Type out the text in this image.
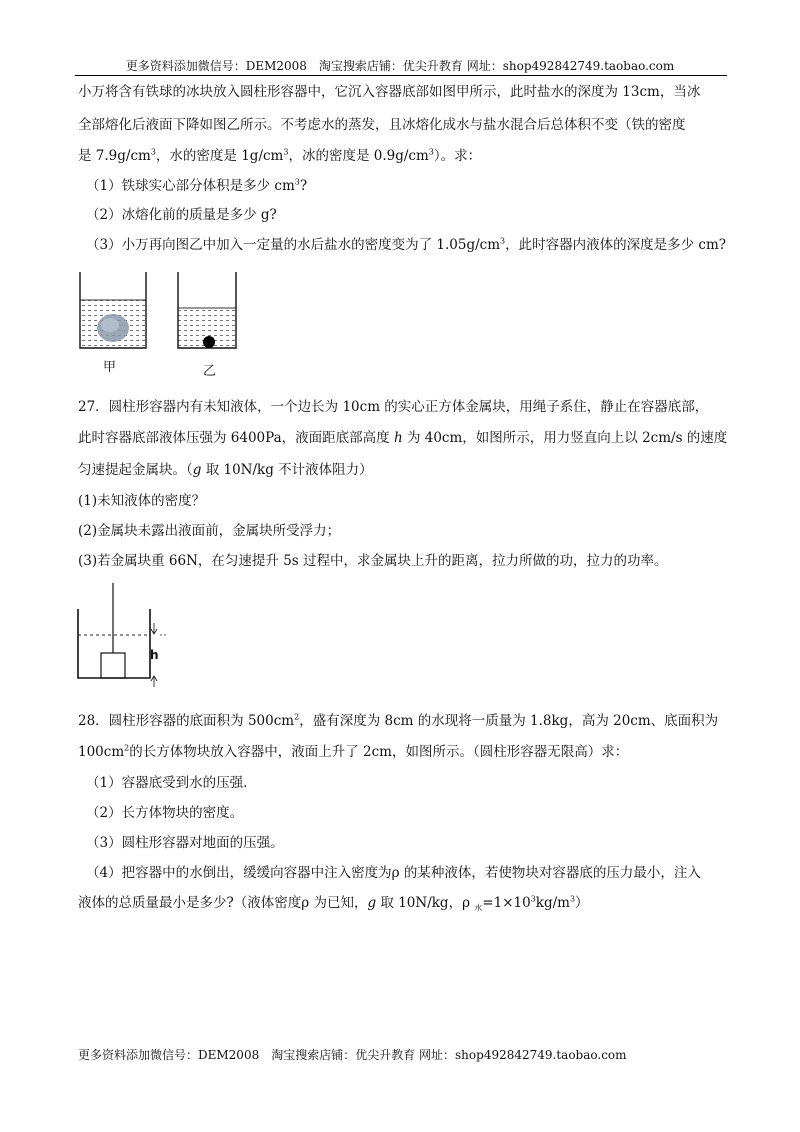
更多资料添加微信号：DEM2008　淘宝搜索店铺：优尖升教育 网址：shop492842749.taobao.com
小万将含有铁球的冰块放入圆柱形容器中，它沉入容器底部如图甲所示，此时盐水的深度为 13cm，当冰
全部熔化后液面下降如图乙所示。不考虑水的蒸发，且冰熔化成水与盐水混合后总体积不变（铁的密度
是 $7.9g/cm^3$，水的密度是 $1g/cm^3$，冰的密度是 $0.9g/cm^3$）。求：
（1）铁球实心部分体积是多少 $cm^3$?
（2）冰熔化前的质量是多少 g?
（3）小万再向图乙中加入一定量的水后盐水的密度变为了 $1.05g/cm^3$，此时容器内液体的深度是多少 cm?
甲	乙
27．圆柱形容器内有未知液体，一个边长为 10cm 的实心正方体金属块，用绳子系住，静止在容器底部，
此时容器底部液体压强为 6400Pa，液面距底部高度 h 为 40cm，如图所示，用力竖直向上以 2cm/s 的速度
匀速提起金属块。（g 取 10N/kg 不计液体阻力）
(1)未知液体的密度？
(2)金属块未露出液面前，金属块所受浮力；
(3)若金属块重 66N，在匀速提升 5s 过程中，求金属块上升的距离，拉力所做的功，拉力的功率。
h
28．圆柱形容器的底面积为 $500cm^2$，盛有深度为 8cm 的水现将一质量为 1.8kg，高为 20cm、底面积为
$100cm^2$的长方体物块放入容器中，液面上升了 2cm，如图所示。（圆柱形容器无限高）求：
（1）容器底受到水的压强.
（2）长方体物块的密度。
（3）圆柱形容器对地面的压强。
（4）把容器中的水倒出，缓缓向容器中注入密度为ρ 的某种液体，若使物块对容器底的压力最小，注入
液体的总质量最小是多少?（液体密度ρ 为已知，g 取 10N/kg，ρ $_水=1\times 10^3kg/m^3$）
更多资料添加微信号：DEM2008　淘宝搜索店铺：优尖升教育 网址：shop492842749.taobao.com
